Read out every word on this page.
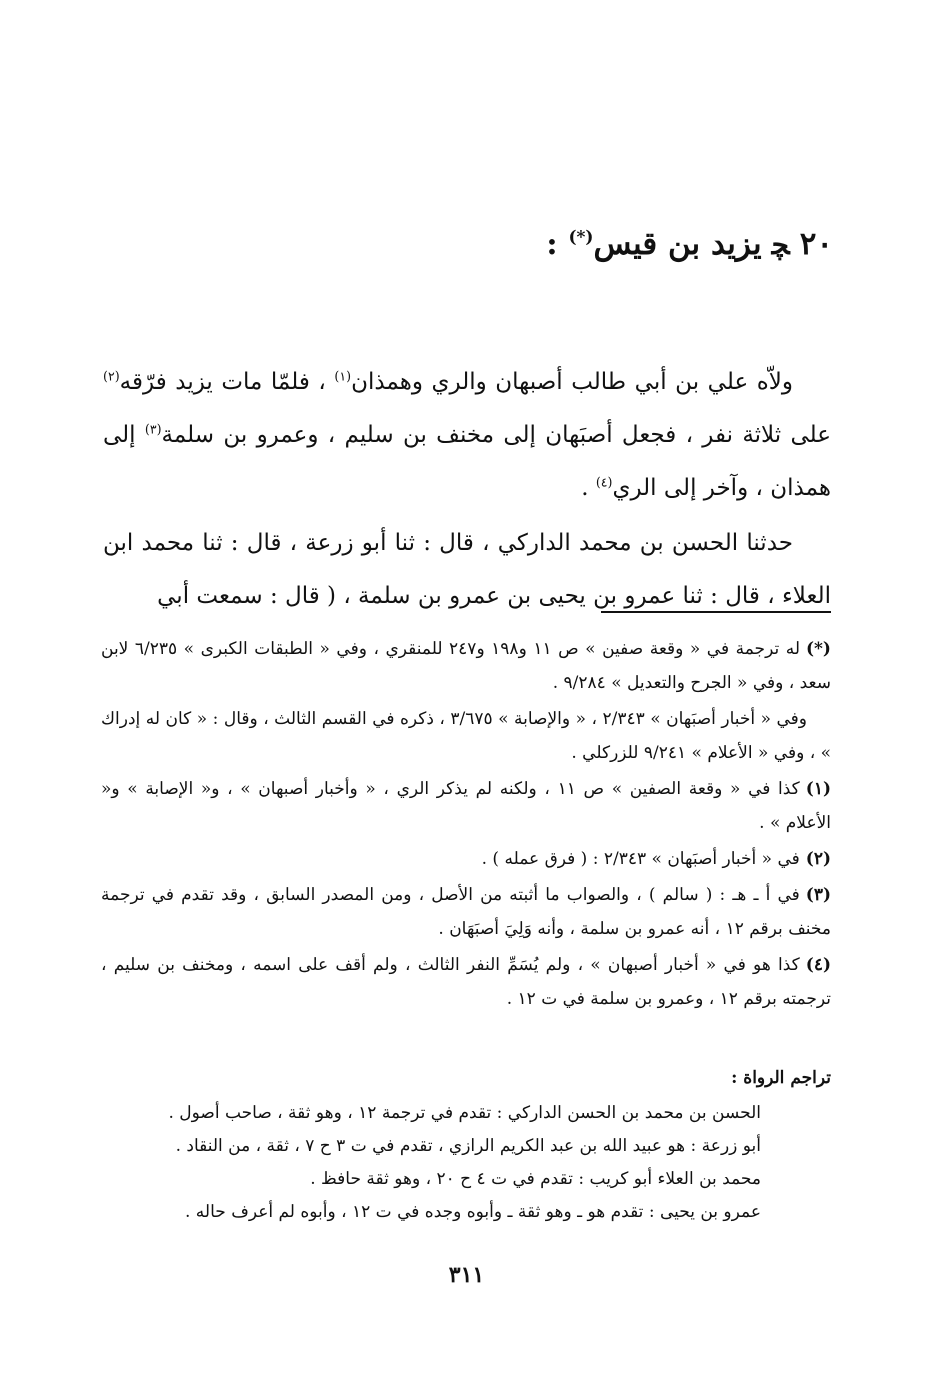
٢٠ﭽيزيد بن قيس(*) :

ولاّه علي بن أبي طالب أصبهان والري وهمذان$^{(١)}$ ، فلمّا مات يزيد فرّقه$^{(٢)}$ على ثلاثة نفر ، فجعل أصبَهان إلى مخنف بن سليم ، وعمرو بن سلمة$^{(٣)}$ إلى همذان ، وآخر إلى الري$^{(٤)}$ .

حدثنا الحسن بن محمد الداركي ، قال : ثنا أبو زرعة ، قال : ثنا محمد ابن العلاء ، قال : ثنا عمرو بن يحيى بن عمرو بن سلمة ، ( قال : سمعت أبي

(*)له ترجمة في « وقعة صفين » ص ١١ و١٩٨ و٢٤٧ للمنقري ، وفي « الطبقات الكبرى » ٦/٢٣٥ لابن سعد ، وفي « الجرح والتعديل » ٩/٢٨٤ .

وفي « أخبار أصبَهان » ٢/٣٤٣ ، « والإصابة » ٣/٦٧٥ ، ذكره في القسم الثالث ، وقال : « كان له إدراك » ، وفي « الأعلام » ٩/٢٤١ للزركلي .

(١)كذا في « وقعة الصفين » ص ١١ ، ولكنه لم يذكر الري ، « وأخبار أصبهان » ، و« الإصابة » و« الأعلام » .

(٢)في « أخبار أصبَهان » ٢/٣٤٣ : ( فرق عمله ) .

(٣)في أ ـ هـ : ( سالم ) ، والصواب ما أثبته من الأصل ، ومن المصدر السابق ، وقد تقدم في ترجمة مخنف برقم ١٢ ، أنه عمرو بن سلمة ، وأنه وَلِيَ أصبَهَان .

(٤)كذا هو في « أخبار أصبهان » ، ولم يُسَمِّ النفر الثالث ، ولم أقف على اسمه ، ومخنف بن سليم ، ترجمته برقم ١٢ ، وعمرو بن سلمة في ت ١٢ .

تراجم الرواة :

الحسن بن محمد بن الحسن الداركي : تقدم في ترجمة ١٢ ، وهو ثقة ، صاحب أصول .
أبو زرعة : هو عبيد الله بن عبد الكريم الرازي ، تقدم في ت ٣ ح ٧ ، ثقة ، من النقاد .
محمد بن العلاء أبو كريب : تقدم في ت ٤ ح ٢٠ ، وهو ثقة حافظ .
عمرو بن يحيى : تقدم هو ـ وهو ثقة ـ وأبوه وجده في ت ١٢ ، وأبوه لم أعرف حاله .
٣١١
